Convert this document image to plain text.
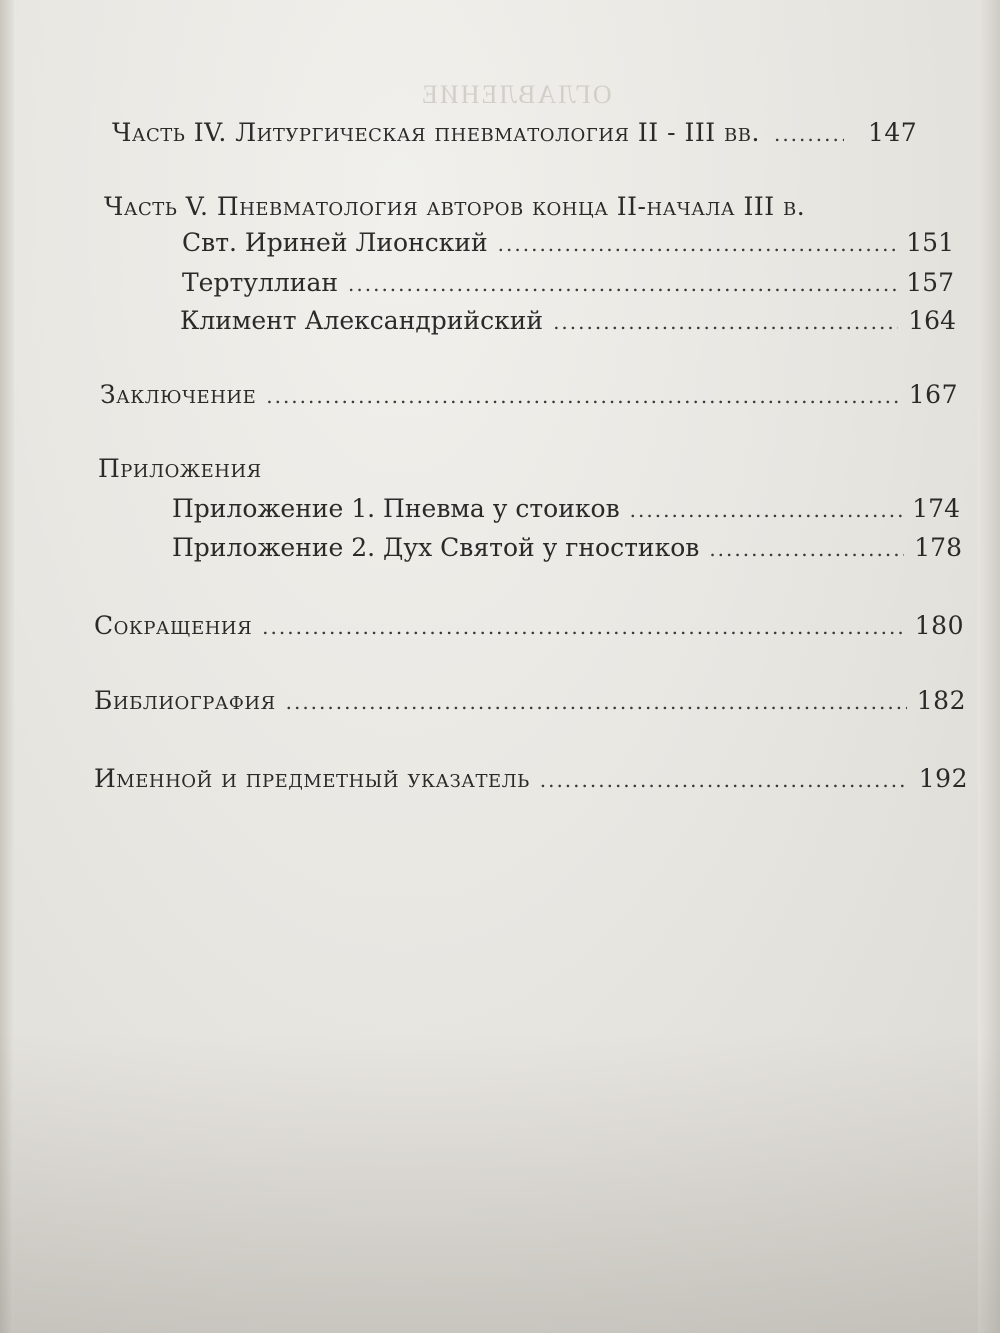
ОГЛАВЛЕНИЕ
Часть IV. Литургическая пневматология II - III вв. .....	147
Часть V. Пневматология авторов конца II-начала III в.
Свт. Ириней Лионский .....	151
Тертуллиан .....	157
Климент Александрийский .....	164
Заключение .....	167
Приложения
Приложение 1. Пневма у стоиков .....	174
Приложение 2. Дух Святой у гностиков .....	178
Сокращения .....	180
Библиография .....	182
Именной и предметный указатель .....	192
